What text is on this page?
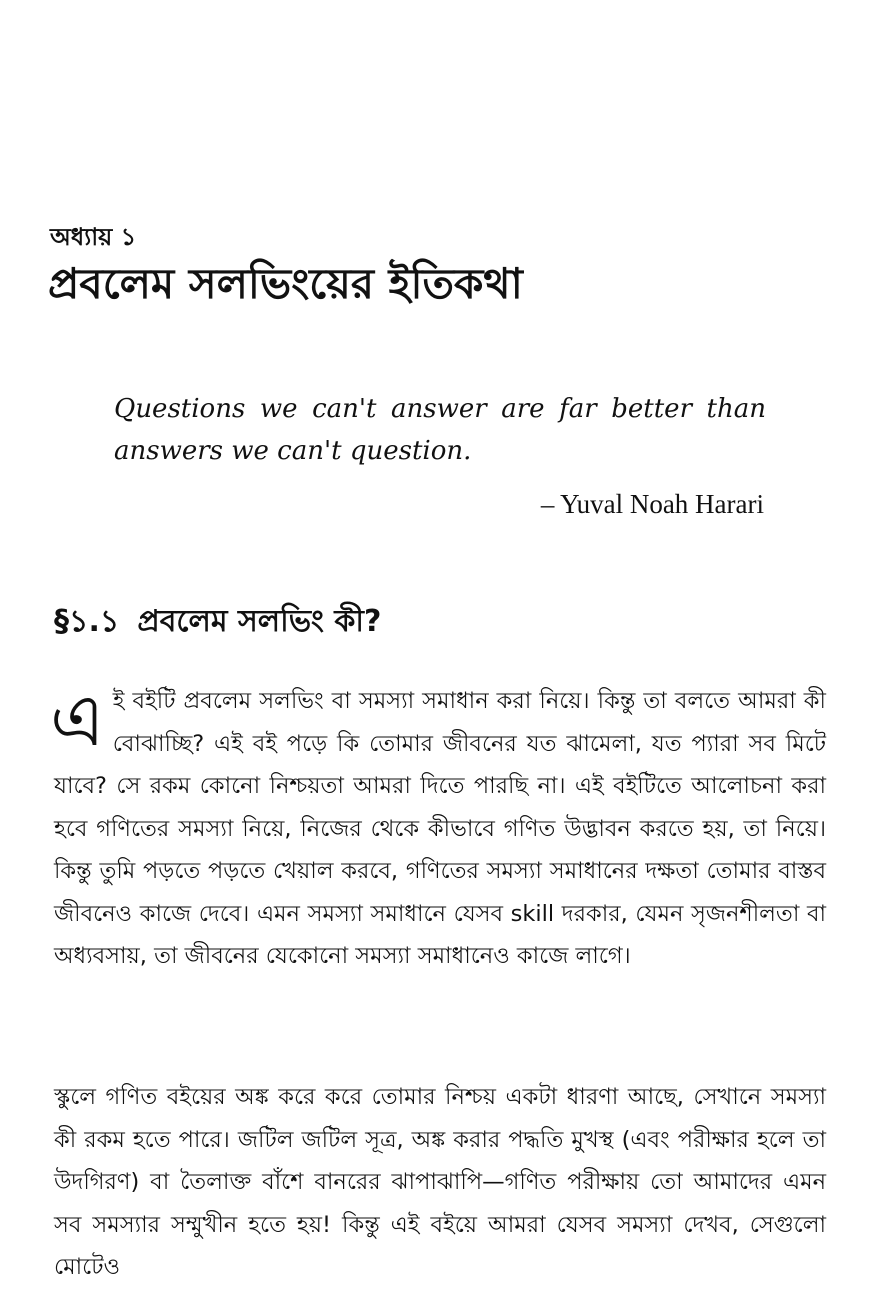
অধ্যায় ১
প্রবলেম সলভিংয়ের ইতিকথা
Questions we can't answer are far better than answers we can't question.
– Yuval Noah Harari
§১.১ প্রবলেম সলভিং কী?
এই বইটি প্রবলেম সলভিং বা সমস্যা সমাধান করা নিয়ে। কিন্তু তা বলতে আমরা কী বোঝাচ্ছি? এই বই পড়ে কি তোমার জীবনের যত ঝামেলা, যত প্যারা সব মিটে যাবে? সে রকম কোনো নিশ্চয়তা আমরা দিতে পারছি না। এই বইটিতে আলোচনা করা হবে গণিতের সমস্যা নিয়ে, নিজের থেকে কীভাবে গণিত উদ্ভাবন করতে হয়, তা নিয়ে। কিন্তু তুমি পড়তে পড়তে খেয়াল করবে, গণিতের সমস্যা সমাধানের দক্ষতা তোমার বাস্তব জীবনেও কাজে দেবে। এমন সমস্যা সমাধানে যেসব skill দরকার, যেমন সৃজনশীলতা বা অধ্যবসায়, তা জীবনের যেকোনো সমস্যা সমাধানেও কাজে লাগে।
স্কুলে গণিত বইয়ের অঙ্ক করে করে তোমার নিশ্চয় একটা ধারণা আছে, সেখানে সমস্যা কী রকম হতে পারে। জটিল জটিল সূত্র, অঙ্ক করার পদ্ধতি মুখস্থ (এবং পরীক্ষার হলে তা উদগিরণ) বা তৈলাক্ত বাঁশে বানরের ঝাপাঝাপি—গণিত পরীক্ষায় তো আমাদের এমন সব সমস্যার সম্মুখীন হতে হয়! কিন্তু এই বইয়ে আমরা যেসব সমস্যা দেখব, সেগুলো মোটেও
